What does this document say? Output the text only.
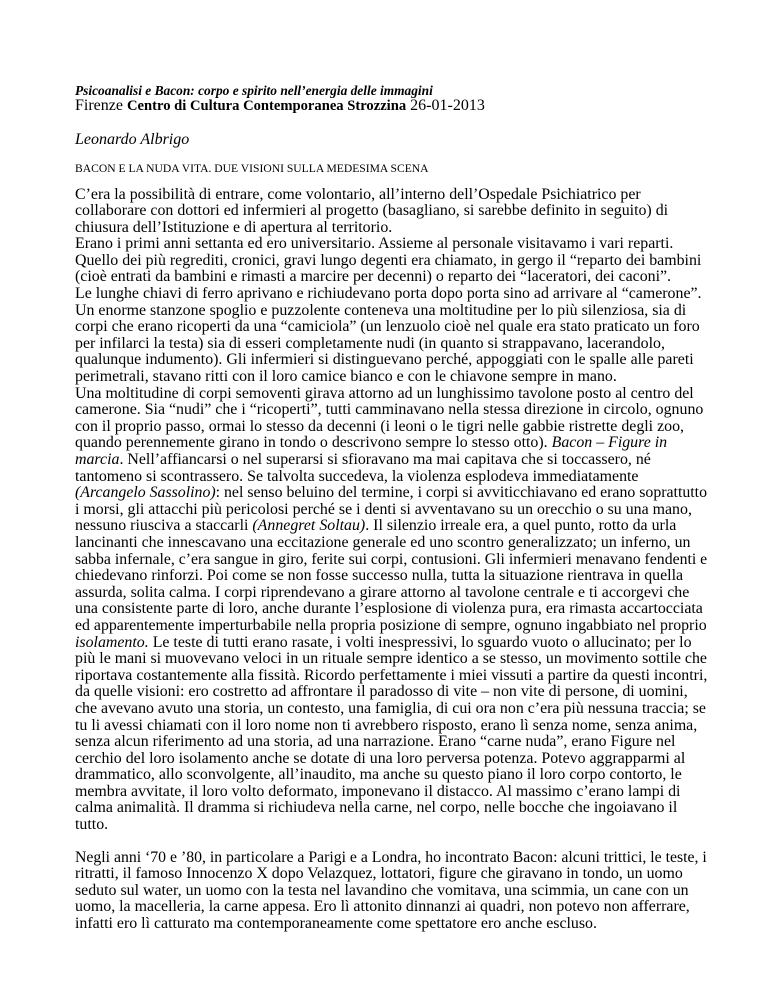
Psicoanalisi e Bacon: corpo e spirito nell’energia delle immagini
Firenze Centro di Cultura Contemporanea Strozzina 26-01-2013
Leonardo Albrigo
BACON E LA NUDA VITA. DUE VISIONI SULLA MEDESIMA SCENA
C’era la possibilità di entrare, come volontario, all’interno dell’Ospedale Psichiatrico per
collaborare con dottori ed infermieri al progetto (basagliano, si sarebbe definito in seguito) di
chiusura dell’Istituzione e di apertura al territorio.
Erano i primi anni settanta ed ero universitario. Assieme al personale visitavamo i vari reparti.
Quello dei più regrediti, cronici, gravi lungo degenti era chiamato, in gergo il “reparto dei bambini
(cioè entrati da bambini e rimasti a marcire per decenni) o reparto dei “laceratori, dei caconi”.
Le lunghe chiavi di ferro aprivano e richiudevano porta dopo porta sino ad arrivare al “camerone”.
Un enorme stanzone spoglio e puzzolente conteneva una moltitudine per lo più silenziosa, sia di
corpi che erano ricoperti da una “camiciola” (un lenzuolo cioè nel quale era stato praticato un foro
per infilarci la testa) sia di esseri completamente nudi (in quanto si strappavano, lacerandolo,
qualunque indumento). Gli infermieri si distinguevano perché, appoggiati con le spalle alle pareti
perimetrali, stavano ritti con il loro camice bianco e con le chiavone sempre in mano.
Una moltitudine di corpi semoventi girava attorno ad un lunghissimo tavolone posto al centro del
camerone. Sia “nudi” che i “ricoperti”, tutti camminavano nella stessa direzione in circolo, ognuno
con il proprio passo, ormai lo stesso da decenni (i leoni o le tigri nelle gabbie ristrette degli zoo,
quando perennemente girano in tondo o descrivono sempre lo stesso otto). Bacon – Figure in
marcia. Nell’affiancarsi o nel superarsi si sfioravano ma mai capitava che si toccassero, né
tantomeno si scontrassero. Se talvolta succedeva, la violenza esplodeva immediatamente
(Arcangelo Sassolino): nel senso beluino del termine, i corpi si avviticchiavano ed erano soprattutto
i morsi, gli attacchi più pericolosi perché se i denti si avventavano su un orecchio o su una mano,
nessuno riusciva a staccarli (Annegret Soltau). Il silenzio irreale era, a quel punto, rotto da urla
lancinanti che innescavano una eccitazione generale ed uno scontro generalizzato; un inferno, un
sabba infernale, c’era sangue in giro, ferite sui corpi, contusioni. Gli infermieri menavano fendenti e
chiedevano rinforzi. Poi come se non fosse successo nulla, tutta la situazione rientrava in quella
assurda, solita calma. I corpi riprendevano a girare attorno al tavolone centrale e ti accorgevi che
una consistente parte di loro, anche durante l’esplosione di violenza pura, era rimasta accartocciata
ed apparentemente imperturbabile nella propria posizione di sempre, ognuno ingabbiato nel proprio
isolamento. Le teste di tutti erano rasate, i volti inespressivi, lo sguardo vuoto o allucinato; per lo
più le mani si muovevano veloci in un rituale sempre identico a se stesso, un movimento sottile che
riportava costantemente alla fissità. Ricordo perfettamente i miei vissuti a partire da questi incontri,
da quelle visioni: ero costretto ad affrontare il paradosso di vite – non vite di persone, di uomini,
che avevano avuto una storia, un contesto, una famiglia, di cui ora non c’era più nessuna traccia; se
tu li avessi chiamati con il loro nome non ti avrebbero risposto, erano lì senza nome, senza anima,
senza alcun riferimento ad una storia, ad una narrazione. Erano “carne nuda”, erano Figure nel
cerchio del loro isolamento anche se dotate di una loro perversa potenza. Potevo aggrapparmi al
drammatico, allo sconvolgente, all’inaudito, ma anche su questo piano il loro corpo contorto, le
membra avvitate, il loro volto deformato, imponevano il distacco. Al massimo c’erano lampi di
calma animalità. Il dramma si richiudeva nella carne, nel corpo, nelle bocche che ingoiavano il
tutto.
Negli anni ‘70 e ’80, in particolare a Parigi e a Londra, ho incontrato Bacon: alcuni trittici, le teste, i
ritratti, il famoso Innocenzo X dopo Velazquez, lottatori, figure che giravano in tondo, un uomo
seduto sul water, un uomo con la testa nel lavandino che vomitava, una scimmia, un cane con un
uomo, la macelleria, la carne appesa. Ero lì attonito dinnanzi ai quadri, non potevo non afferrare,
infatti ero lì catturato ma contemporaneamente come spettatore ero anche escluso.
